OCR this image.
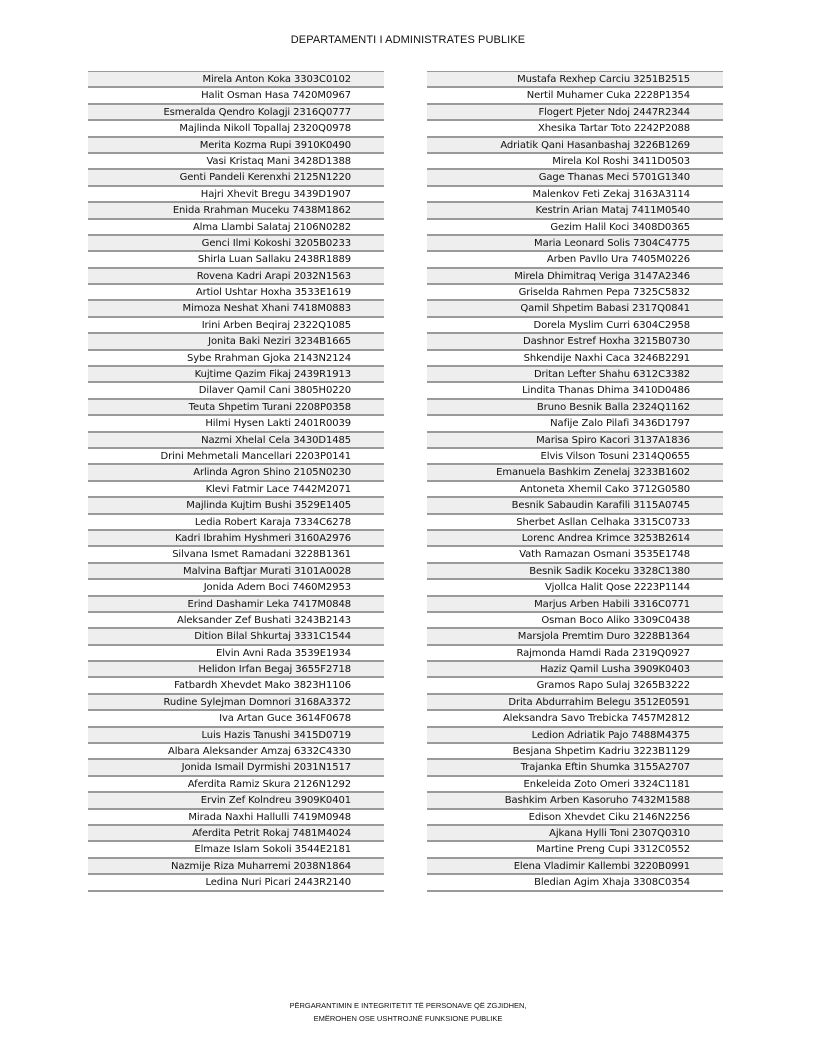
DEPARTAMENTI I ADMINISTRATES PUBLIKE
Mirela Anton Koka 3303C0102
Halit Osman Hasa 7420M0967
Esmeralda Qendro Kolagji 2316Q0777
Majlinda Nikoll Topallaj 2320Q0978
Merita Kozma Rupi 3910K0490
Vasi Kristaq Mani 3428D1388
Genti Pandeli Kerenxhi 2125N1220
Hajri Xhevit Bregu 3439D1907
Enida Rrahman Muceku 7438M1862
Alma Llambi Salataj 2106N0282
Genci Ilmi Kokoshi 3205B0233
Shirla Luan Sallaku 2438R1889
Rovena Kadri Arapi 2032N1563
Artiol Ushtar Hoxha 3533E1619
Mimoza Neshat Xhani 7418M0883
Irini Arben Beqiraj 2322Q1085
Jonita Baki Neziri 3234B1665
Sybe Rrahman Gjoka 2143N2124
Kujtime Qazim Fikaj 2439R1913
Dilaver Qamil Cani 3805H0220
Teuta Shpetim Turani 2208P0358
Hilmi Hysen Lakti 2401R0039
Nazmi Xhelal Cela 3430D1485
Drini Mehmetali Mancellari 2203P0141
Arlinda Agron Shino 2105N0230
Klevi Fatmir Lace 7442M2071
Majlinda Kujtim Bushi 3529E1405
Ledia Robert Karaja 7334C6278
Kadri Ibrahim Hyshmeri 3160A2976
Silvana Ismet Ramadani 3228B1361
Malvina Baftjar Murati 3101A0028
Jonida Adem Boci 7460M2953
Erind Dashamir Leka 7417M0848
Aleksander Zef Bushati 3243B2143
Dition Bilal Shkurtaj 3331C1544
Elvin Avni Rada 3539E1934
Helidon Irfan Begaj 3655F2718
Fatbardh Xhevdet Mako 3823H1106
Rudine Sylejman Domnori 3168A3372
Iva Artan Guce 3614F0678
Luis Hazis Tanushi 3415D0719
Albara Aleksander Amzaj 6332C4330
Jonida Ismail Dyrmishi 2031N1517
Aferdita Ramiz Skura 2126N1292
Ervin Zef Kolndreu 3909K0401
Mirada Naxhi Hallulli 7419M0948
Aferdita Petrit Rokaj 7481M4024
Elmaze Islam Sokoli 3544E2181
Nazmije Riza Muharremi 2038N1864
Ledina Nuri Picari 2443R2140
Mustafa Rexhep Carciu 3251B2515
Nertil Muhamer Cuka 2228P1354
Flogert Pjeter Ndoj 2447R2344
Xhesika Tartar Toto 2242P2088
Adriatik Qani Hasanbashaj 3226B1269
Mirela Kol Roshi 3411D0503
Gage Thanas Meci 5701G1340
Malenkov Feti Zekaj 3163A3114
Kestrin Arian Mataj 7411M0540
Gezim Halil Koci 3408D0365
Maria Leonard Solis 7304C4775
Arben Pavllo Ura 7405M0226
Mirela Dhimitraq Veriga 3147A2346
Griselda Rahmen Pepa 7325C5832
Qamil Shpetim Babasi 2317Q0841
Dorela Myslim Curri 6304C2958
Dashnor Estref Hoxha 3215B0730
Shkendije Naxhi Caca 3246B2291
Dritan Lefter Shahu 6312C3382
Lindita Thanas Dhima 3410D0486
Bruno Besnik Balla 2324Q1162
Nafije Zalo Pilafi 3436D1797
Marisa Spiro Kacori 3137A1836
Elvis Vilson Tosuni 2314Q0655
Emanuela Bashkim Zenelaj 3233B1602
Antoneta Xhemil Cako 3712G0580
Besnik Sabaudin Karafili 3115A0745
Sherbet Asllan Celhaka 3315C0733
Lorenc Andrea Krimce 3253B2614
Vath Ramazan Osmani 3535E1748
Besnik Sadik Koceku 3328C1380
Vjollca Halit Qose 2223P1144
Marjus Arben Habili 3316C0771
Osman Boco Aliko 3309C0438
Marsjola Premtim Duro 3228B1364
Rajmonda Hamdi Rada 2319Q0927
Haziz Qamil Lusha 3909K0403
Gramos Rapo Sulaj 3265B3222
Drita Abdurrahim Belegu 3512E0591
Aleksandra Savo Trebicka 7457M2812
Ledion Adriatik Pajo 7488M4375
Besjana Shpetim Kadriu 3223B1129
Trajanka Eftin Shumka 3155A2707
Enkeleida Zoto Omeri 3324C1181
Bashkim Arben Kasoruho 7432M1588
Edison Xhevdet Ciku 2146N2256
Ajkana Hylli Toni 2307Q0310
Martine Preng Cupi 3312C0552
Elena Vladimir Kallembi 3220B0991
Bledian Agim Xhaja 3308C0354
PËRGARANTIMIN E INTEGRITETIT TË PERSONAVE QË ZGJIDHEN,
EMËROHEN OSE USHTROJNË FUNKSIONE PUBLIKE
